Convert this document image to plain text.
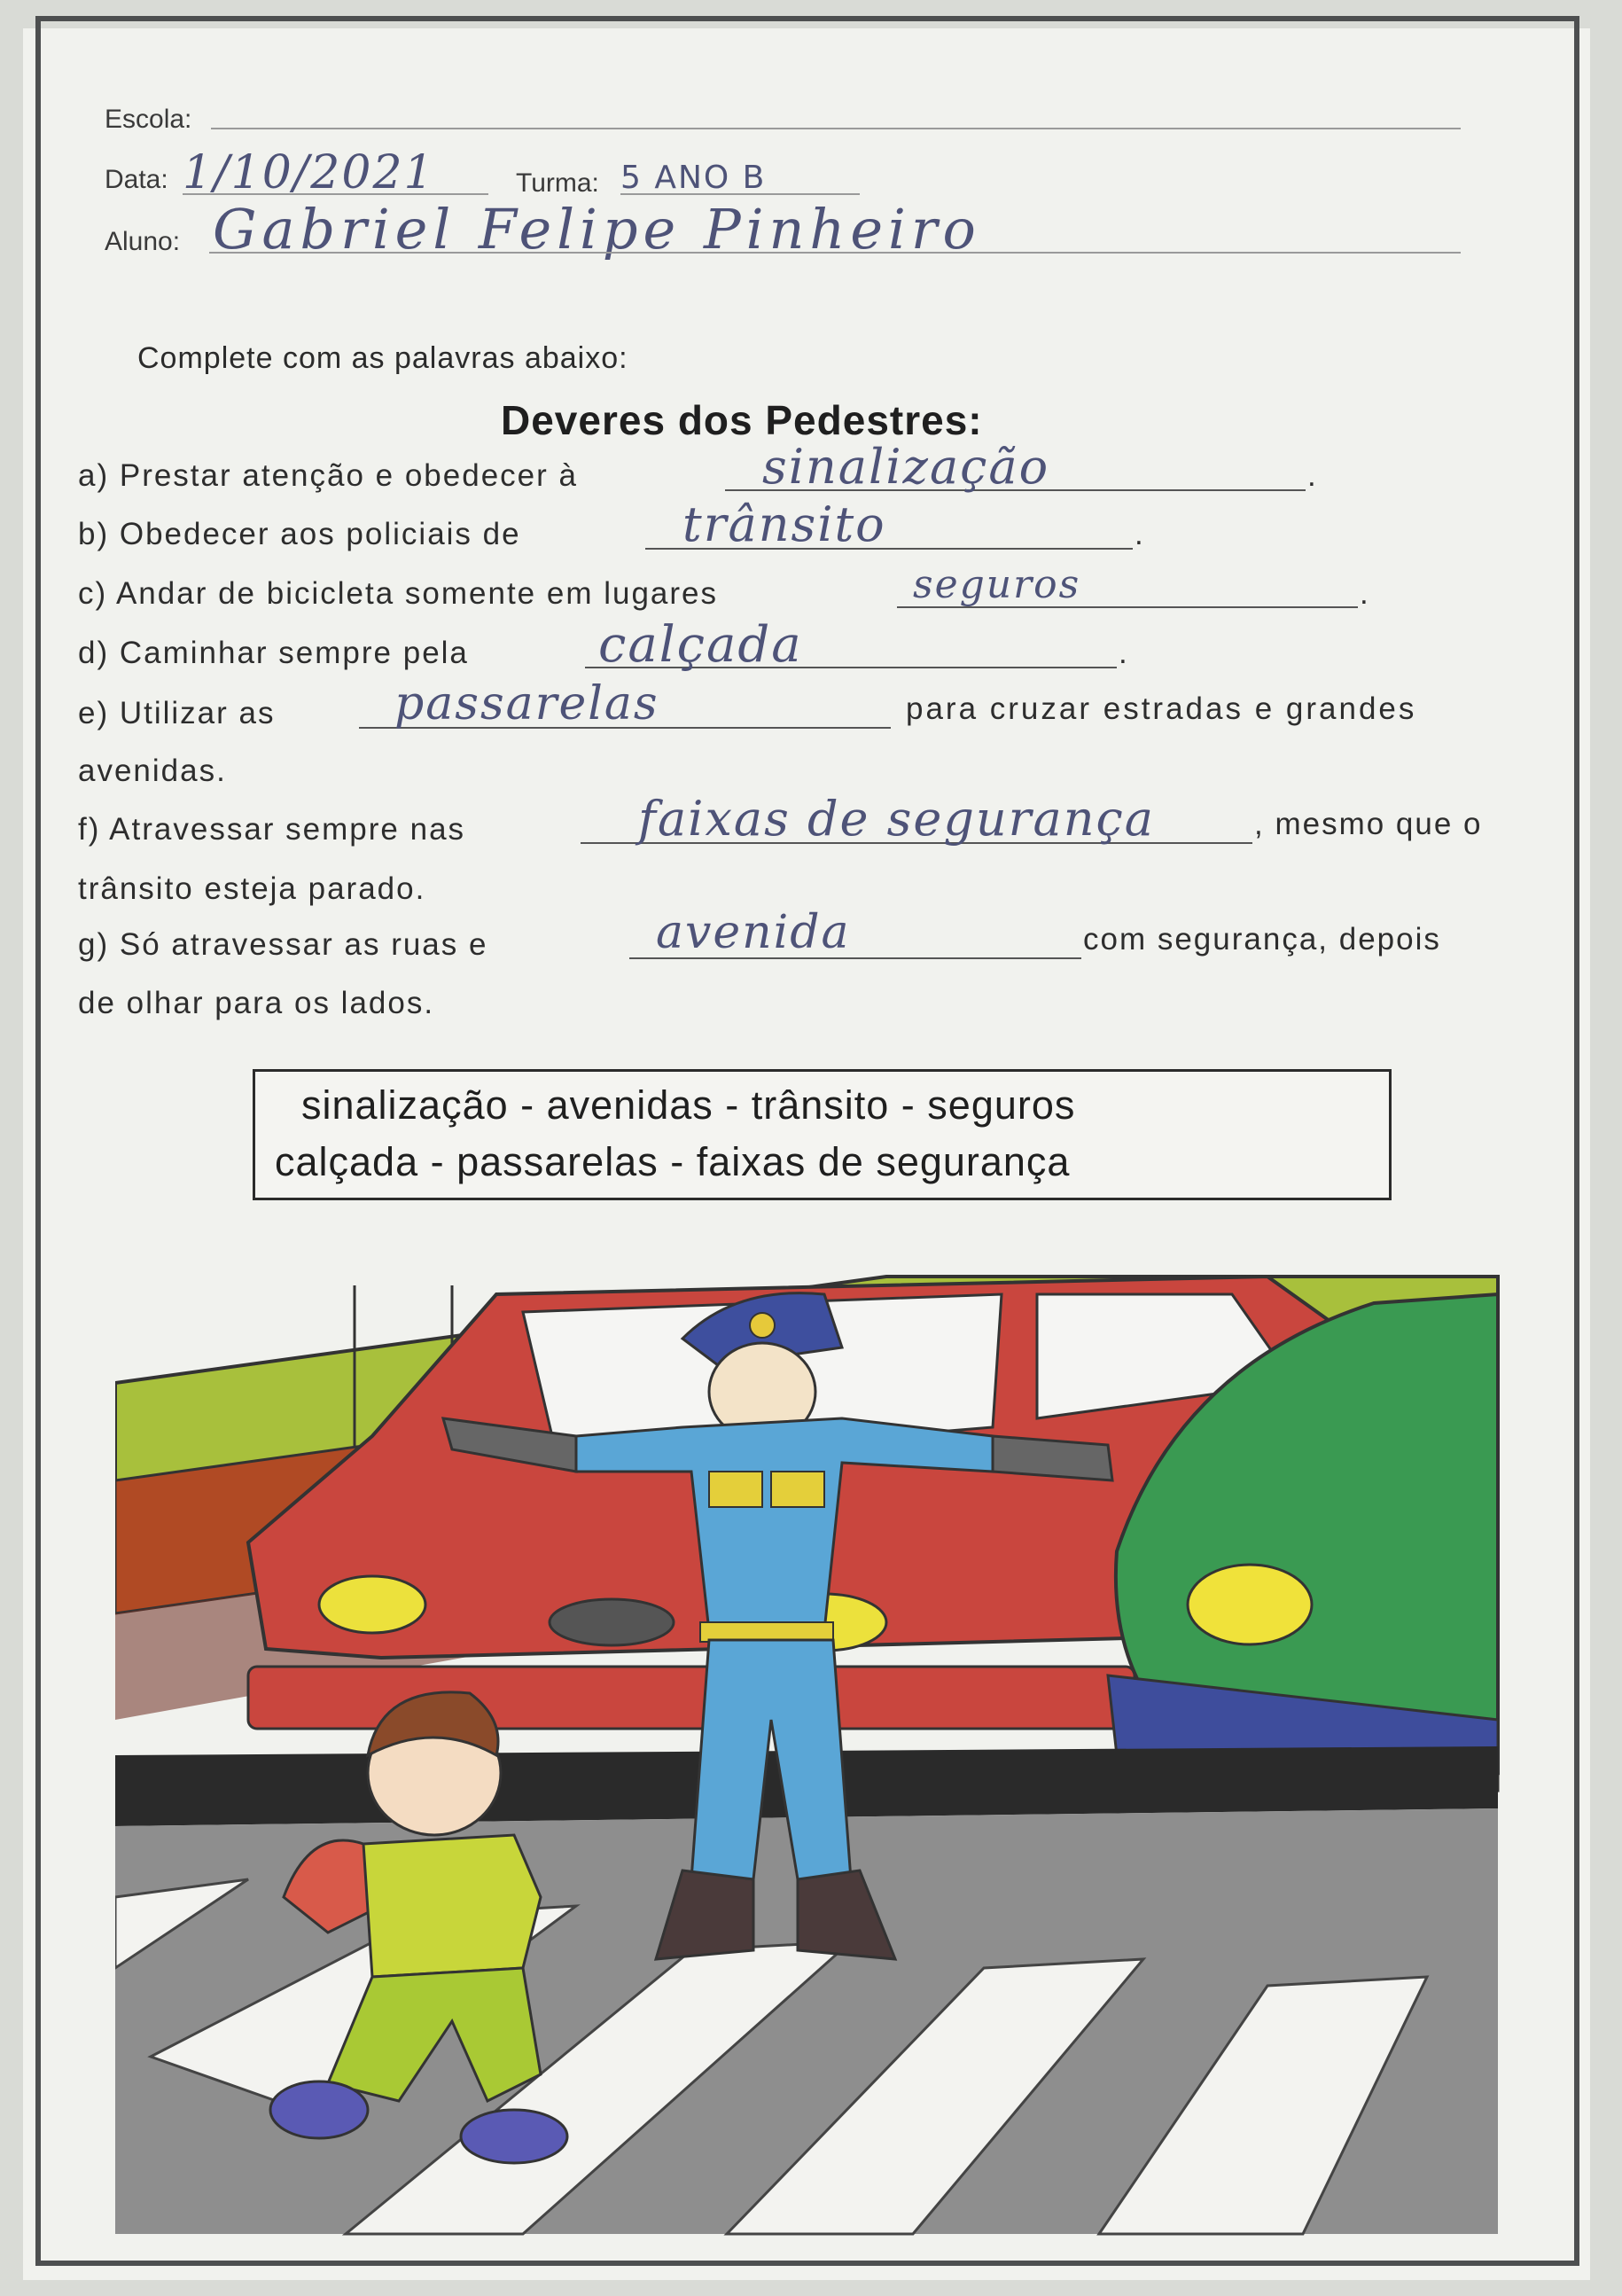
Escola:
Data: 1/10/2021	Turma: 5 ANO B
Aluno: Gabriel Felipe Pinheiro
Complete com as palavras abaixo:
Deveres dos Pedestres:
a) Prestar atenção e obedecer à	sinalização	.
b) Obedecer aos policiais de	trânsito	.
c) Andar de bicicleta somente em lugares	seguros	.
d) Caminhar sempre pela	calçada	.
e) Utilizar as	passarelas	para cruzar estradas e grandes
avenidas.
f) Atravessar sempre nas	faixas de segurança	, mesmo que o
trânsito esteja parado.
g) Só atravessar as ruas e	avenida	com segurança, depois
de olhar para os lados.
sinalização - avenidas - trânsito - seguros
calçada - passarelas - faixas de segurança
